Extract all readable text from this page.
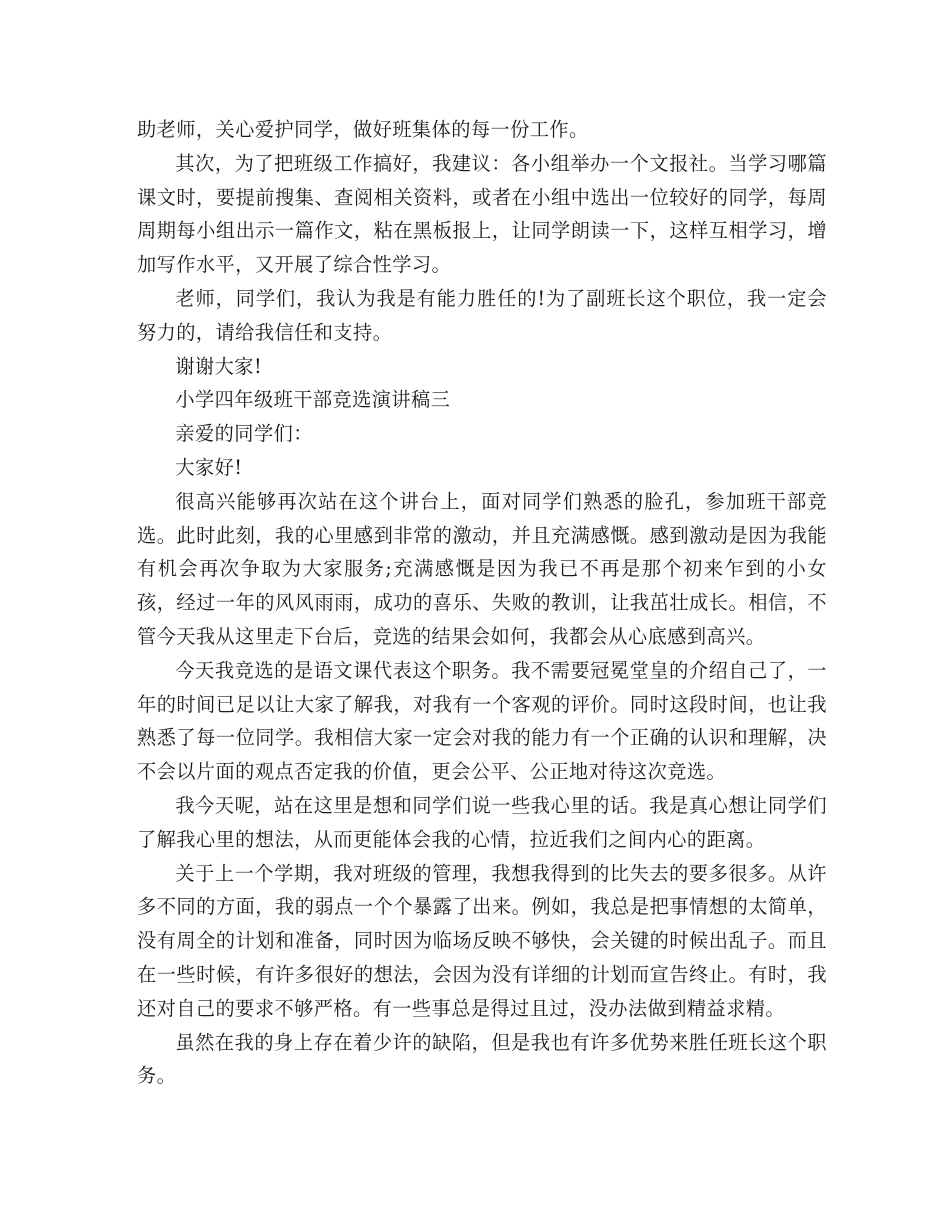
助老师，关心爱护同学，做好班集体的每一份工作。

其次，为了把班级工作搞好，我建议：各小组举办一个文报社。当学习哪篇课文时，要提前搜集、查阅相关资料，或者在小组中选出一位较好的同学，每周周期每小组出示一篇作文，粘在黑板报上，让同学朗读一下，这样互相学习，增加写作水平，又开展了综合性学习。

老师，同学们，我认为我是有能力胜任的!为了副班长这个职位，我一定会努力的，请给我信任和支持。

谢谢大家!

小学四年级班干部竞选演讲稿三

亲爱的同学们：

大家好!

很高兴能够再次站在这个讲台上，面对同学们熟悉的脸孔，参加班干部竞选。此时此刻，我的心里感到非常的激动，并且充满感慨。感到激动是因为我能有机会再次争取为大家服务;充满感慨是因为我已不再是那个初来乍到的小女孩，经过一年的风风雨雨，成功的喜乐、失败的教训，让我茁壮成长。相信，不管今天我从这里走下台后，竞选的结果会如何，我都会从心底感到高兴。

今天我竞选的是语文课代表这个职务。我不需要冠冕堂皇的介绍自己了，一年的时间已足以让大家了解我，对我有一个客观的评价。同时这段时间，也让我熟悉了每一位同学。我相信大家一定会对我的能力有一个正确的认识和理解，决不会以片面的观点否定我的价值，更会公平、公正地对待这次竞选。

我今天呢，站在这里是想和同学们说一些我心里的话。我是真心想让同学们了解我心里的想法，从而更能体会我的心情，拉近我们之间内心的距离。

关于上一个学期，我对班级的管理，我想我得到的比失去的要多很多。从许多不同的方面，我的弱点一个个暴露了出来。例如，我总是把事情想的太简单，没有周全的计划和准备，同时因为临场反映不够快，会关键的时候出乱子。而且在一些时候，有许多很好的想法，会因为没有详细的计划而宣告终止。有时，我还对自己的要求不够严格。有一些事总是得过且过，没办法做到精益求精。

虽然在我的身上存在着少许的缺陷，但是我也有许多优势来胜任班长这个职务。
